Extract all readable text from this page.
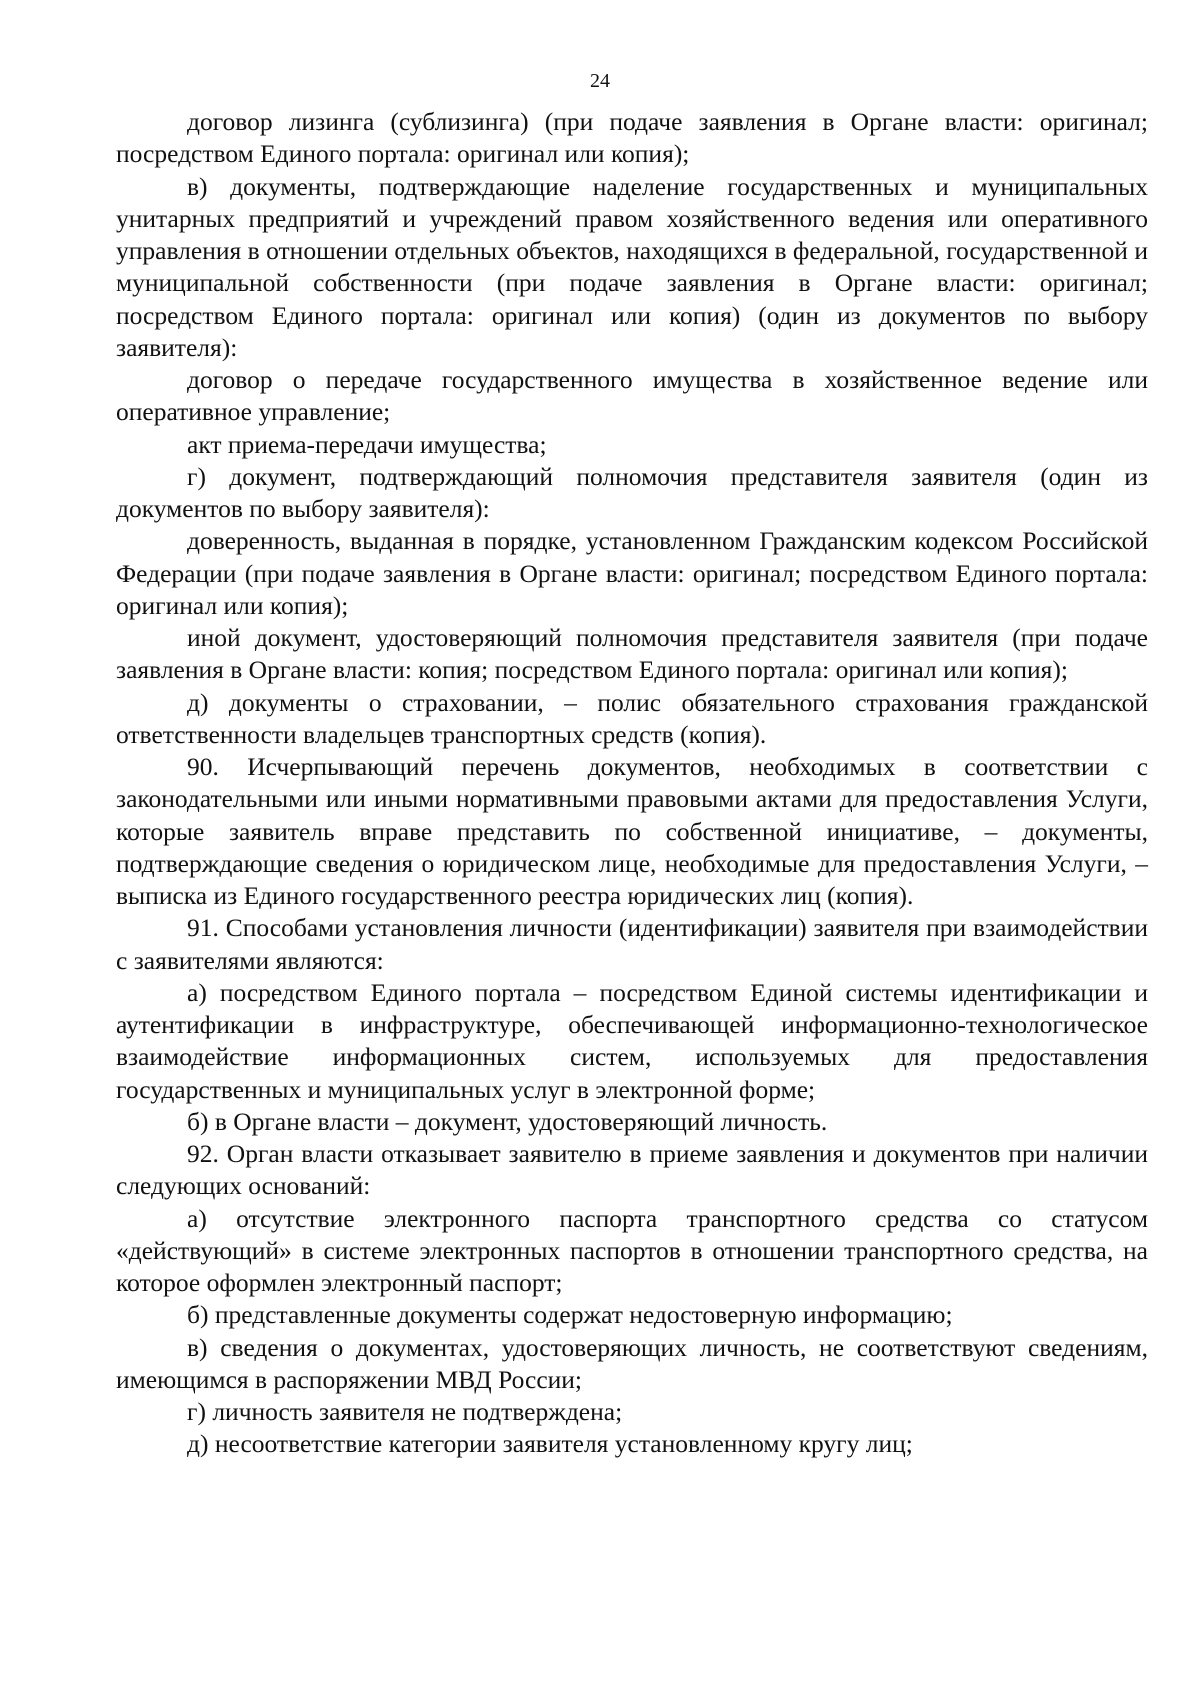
24

договор лизинга (сублизинга) (при подаче заявления в Органе власти: оригинал; посредством Единого портала: оригинал или копия);

в) документы, подтверждающие наделение государственных и муниципальных унитарных предприятий и учреждений правом хозяйственного ведения или оперативного управления в отношении отдельных объектов, находящихся в федеральной, государственной и муниципальной собственности (при подаче заявления в Органе власти: оригинал; посредством Единого портала: оригинал или копия) (один из документов по выбору заявителя):

договор о передаче государственного имущества в хозяйственное ведение или оперативное управление;

акт приема-передачи имущества;

г) документ, подтверждающий полномочия представителя заявителя (один из документов по выбору заявителя):

доверенность, выданная в порядке, установленном Гражданским кодексом Российской Федерации (при подаче заявления в Органе власти: оригинал; посредством Единого портала: оригинал или копия);

иной документ, удостоверяющий полномочия представителя заявителя (при подаче заявления в Органе власти: копия; посредством Единого портала: оригинал или копия);

д) документы о страховании, – полис обязательного страхования гражданской ответственности владельцев транспортных средств (копия).

90. Исчерпывающий перечень документов, необходимых в соответствии с законодательными или иными нормативными правовыми актами для предоставления Услуги, которые заявитель вправе представить по собственной инициативе, – документы, подтверждающие сведения о юридическом лице, необходимые для предоставления Услуги, – выписка из Единого государственного реестра юридических лиц (копия).

91. Способами установления личности (идентификации) заявителя при взаимодействии с заявителями являются:

а) посредством Единого портала – посредством Единой системы идентификации и аутентификации в инфраструктуре, обеспечивающей информационно-технологическое взаимодействие информационных систем, используемых для предоставления государственных и муниципальных услуг в электронной форме;

б) в Органе власти – документ, удостоверяющий личность.

92. Орган власти отказывает заявителю в приеме заявления и документов при наличии следующих оснований:

а) отсутствие электронного паспорта транспортного средства со статусом «действующий» в системе электронных паспортов в отношении транспортного средства, на которое оформлен электронный паспорт;

б) представленные документы содержат недостоверную информацию;

в) сведения о документах, удостоверяющих личность, не соответствуют сведениям, имеющимся в распоряжении МВД России;

г) личность заявителя не подтверждена;

д) несоответствие категории заявителя установленному кругу лиц;
